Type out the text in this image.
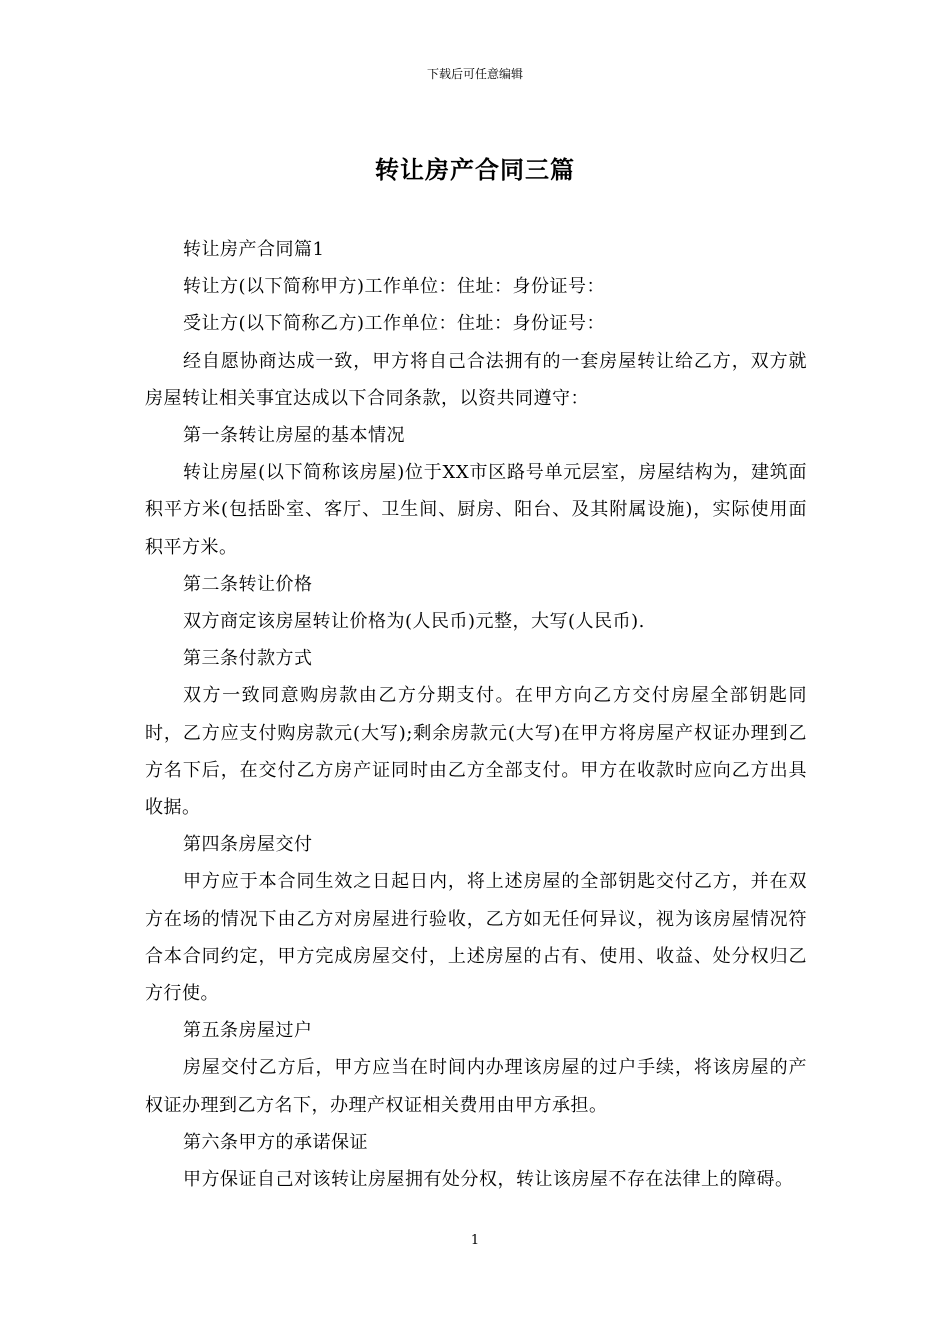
下载后可任意编辑
转让房产合同三篇

转让房产合同篇1

转让方(以下简称甲方)工作单位：住址：身份证号：

受让方(以下简称乙方)工作单位：住址：身份证号：

经自愿协商达成一致，甲方将自己合法拥有的一套房屋转让给乙方，双方就房屋转让相关事宜达成以下合同条款，以资共同遵守：

第一条转让房屋的基本情况

转让房屋(以下简称该房屋)位于XX市区路号单元层室，房屋结构为，建筑面积平方米(包括卧室、客厅、卫生间、厨房、阳台、及其附属设施)，实际使用面积平方米。

第二条转让价格

双方商定该房屋转让价格为(人民币)元整，大写(人民币).

第三条付款方式

双方一致同意购房款由乙方分期支付。在甲方向乙方交付房屋全部钥匙同时，乙方应支付购房款元(大写);剩余房款元(大写)在甲方将房屋产权证办理到乙方名下后，在交付乙方房产证同时由乙方全部支付。甲方在收款时应向乙方出具收据。

第四条房屋交付

甲方应于本合同生效之日起日内，将上述房屋的全部钥匙交付乙方，并在双方在场的情况下由乙方对房屋进行验收，乙方如无任何异议，视为该房屋情况符合本合同约定，甲方完成房屋交付，上述房屋的占有、使用、收益、处分权归乙方行使。

第五条房屋过户

房屋交付乙方后，甲方应当在时间内办理该房屋的过户手续，将该房屋的产权证办理到乙方名下，办理产权证相关费用由甲方承担。

第六条甲方的承诺保证

甲方保证自己对该转让房屋拥有处分权，转让该房屋不存在法律上的障碍。

1
